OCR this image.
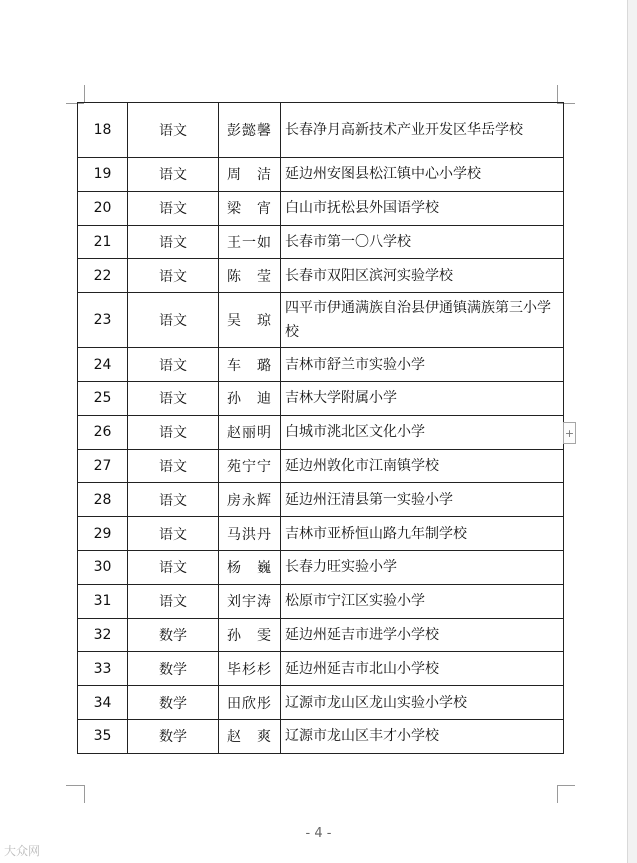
18	语文	彭懿馨	长春净月高新技术产业开发区华岳学校
19	语文	周　洁	延边州安图县松江镇中心小学校
20	语文	梁　宵	白山市抚松县外国语学校
21	语文	王一如	长春市第一〇八学校
22	语文	陈　莹	长春市双阳区滨河实验学校
23	语文	吴　琼	四平市伊通满族自治县伊通镇满族第三小学校
24	语文	车　璐	吉林市舒兰市实验小学
25	语文	孙　迪	吉林大学附属小学
26	语文	赵丽明	白城市洮北区文化小学
27	语文	苑宁宁	延边州敦化市江南镇学校
28	语文	房永辉	延边州汪清县第一实验小学
29	语文	马洪丹	吉林市亚桥恒山路九年制学校
30	语文	杨　巍	长春力旺实验小学
31	语文	刘宇涛	松原市宁江区实验小学
32	数学	孙　雯	延边州延吉市进学小学校
33	数学	毕杉杉	延边州延吉市北山小学校
34	数学	田欣彤	辽源市龙山区龙山实验小学校
35	数学	赵　爽	辽源市龙山区丰才小学校
- 4 -
+
大众网
